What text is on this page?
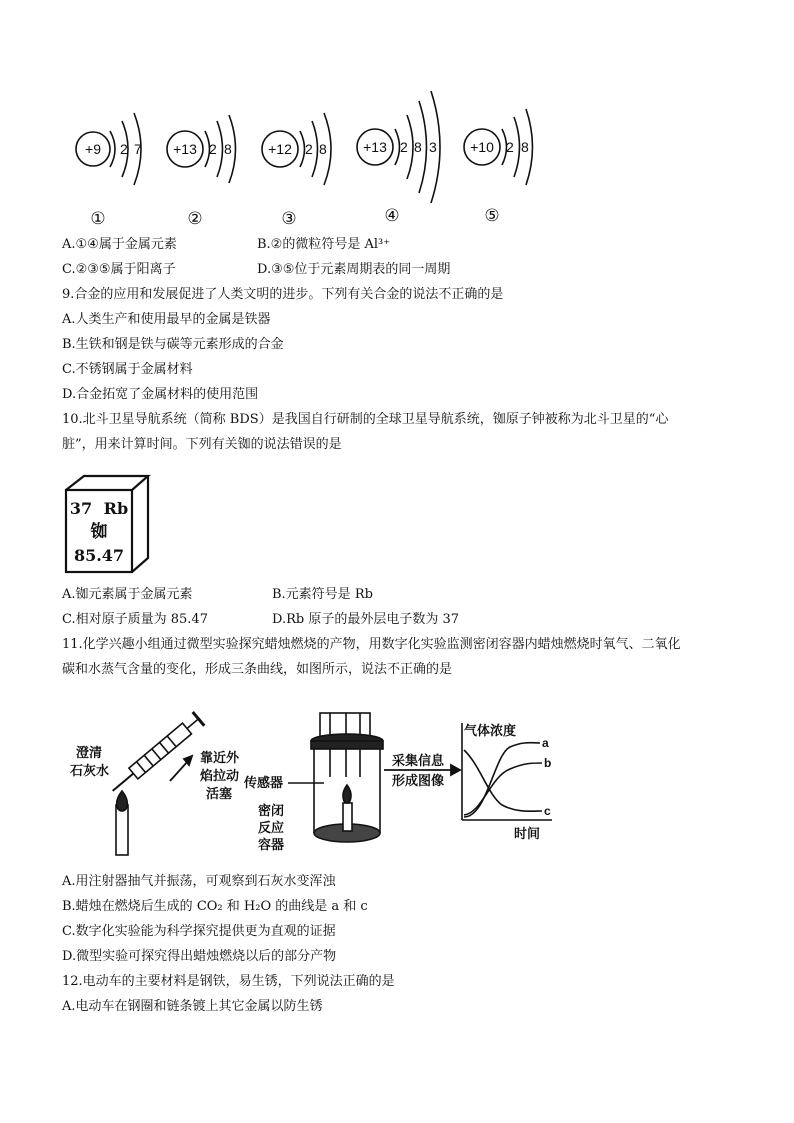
+9 2 7
①
+13 2 8
②
+12 2 8
③
+13 2 8 3
④
+10 2 8
⑤
A.①④属于金属元素	B.②的微粒符号是 Al³⁺
C.②③⑤属于阳离子	D.③⑤位于元素周期表的同一周期
9.合金的应用和发展促进了人类文明的进步。下列有关合金的说法不正确的是
A.人类生产和使用最早的金属是铁器
B.生铁和钢是铁与碳等元素形成的合金
C.不锈钢属于金属材料
D.合金拓宽了金属材料的使用范围
10.北斗卫星导航系统（简称 BDS）是我国自行研制的全球卫星导航系统，铷原子钟被称为北斗卫星的“心
脏”，用来计算时间。下列有关铷的说法错误的是
37 Rb
铷
85.47
A.铷元素属于金属元素	B.元素符号是 Rb
C.相对原子质量为 85.47	D.Rb 原子的最外层电子数为 37
11.化学兴趣小组通过微型实验探究蜡烛燃烧的产物，用数字化实验监测密闭容器内蜡烛燃烧时氧气、二氧化
碳和水蒸气含量的变化，形成三条曲线，如图所示，说法不正确的是
澄清
石灰水
靠近外
焰拉动
活塞
传感器
密闭
反应
容器
采集信息
形成图像
气体浓度
时间
a
b
c
A.用注射器抽气并振荡，可观察到石灰水变浑浊
B.蜡烛在燃烧后生成的 CO₂ 和 H₂O 的曲线是 a 和 c
C.数字化实验能为科学探究提供更为直观的证据
D.微型实验可探究得出蜡烛燃烧以后的部分产物
12.电动车的主要材料是钢铁，易生锈，下列说法正确的是
A.电动车在钢圈和链条镀上其它金属以防生锈
